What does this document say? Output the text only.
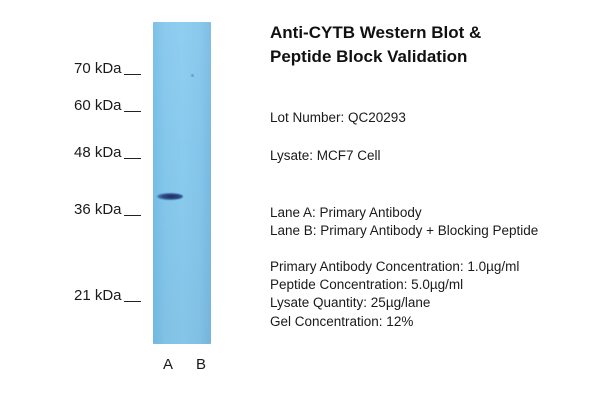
70 kDa
60 kDa
48 kDa
36 kDa
21 kDa
A B
Anti-CYTB Western Blot &
Peptide Block Validation
Lot Number: QC20293
Lysate: MCF7 Cell
Lane A: Primary Antibody
Lane B: Primary Antibody + Blocking Peptide
Primary Antibody Concentration: 1.0µg/ml
Peptide Concentration: 5.0µg/ml
Lysate Quantity: 25µg/lane
Gel Concentration: 12%
